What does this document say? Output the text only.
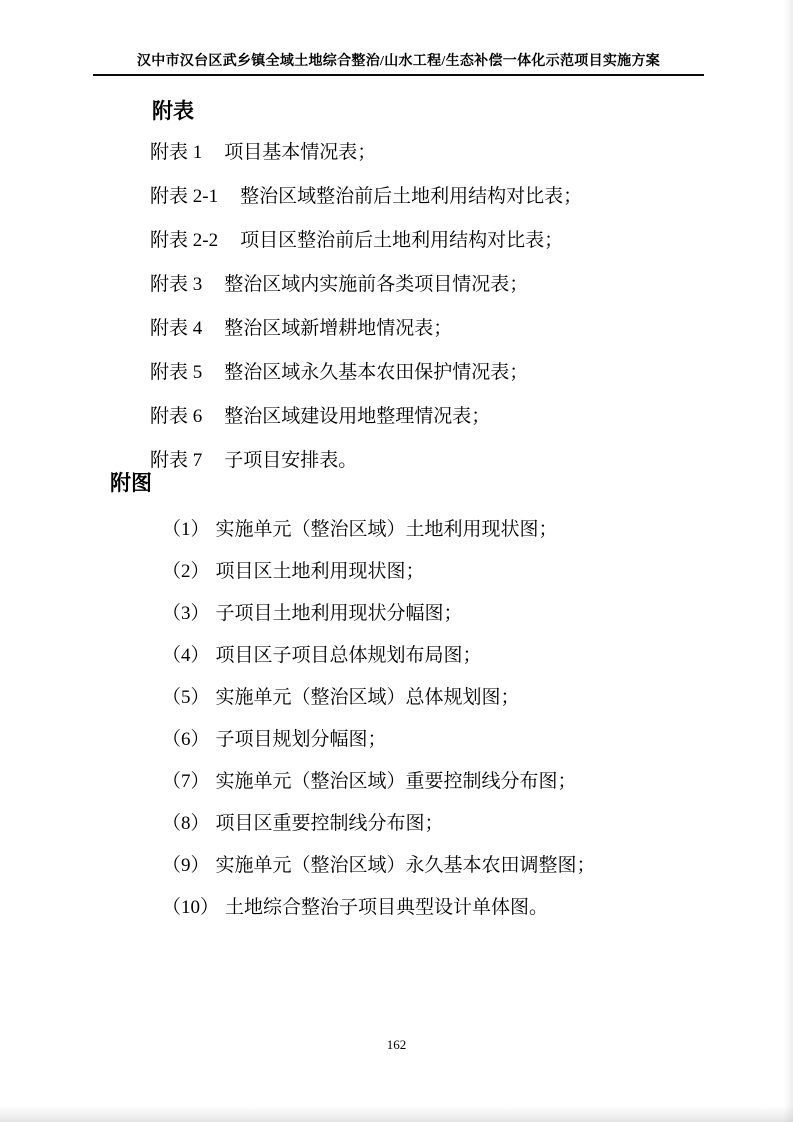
汉中市汉台区武乡镇全域土地综合整治/山水工程/生态补偿一体化示范项目实施方案
附表
附表 1 项目基本情况表；
附表 2-1 整治区域整治前后土地利用结构对比表；
附表 2-2 项目区整治前后土地利用结构对比表；
附表 3 整治区域内实施前各类项目情况表；
附表 4 整治区域新增耕地情况表；
附表 5 整治区域永久基本农田保护情况表；
附表 6 整治区域建设用地整理情况表；
附表 7 子项目安排表。
附图
（1） 实施单元（整治区域）土地利用现状图；
（2） 项目区土地利用现状图；
（3） 子项目土地利用现状分幅图；
（4） 项目区子项目总体规划布局图；
（5） 实施单元（整治区域）总体规划图；
（6） 子项目规划分幅图；
（7） 实施单元（整治区域）重要控制线分布图；
（8） 项目区重要控制线分布图；
（9） 实施单元（整治区域）永久基本农田调整图；
（10） 土地综合整治子项目典型设计单体图。
162
